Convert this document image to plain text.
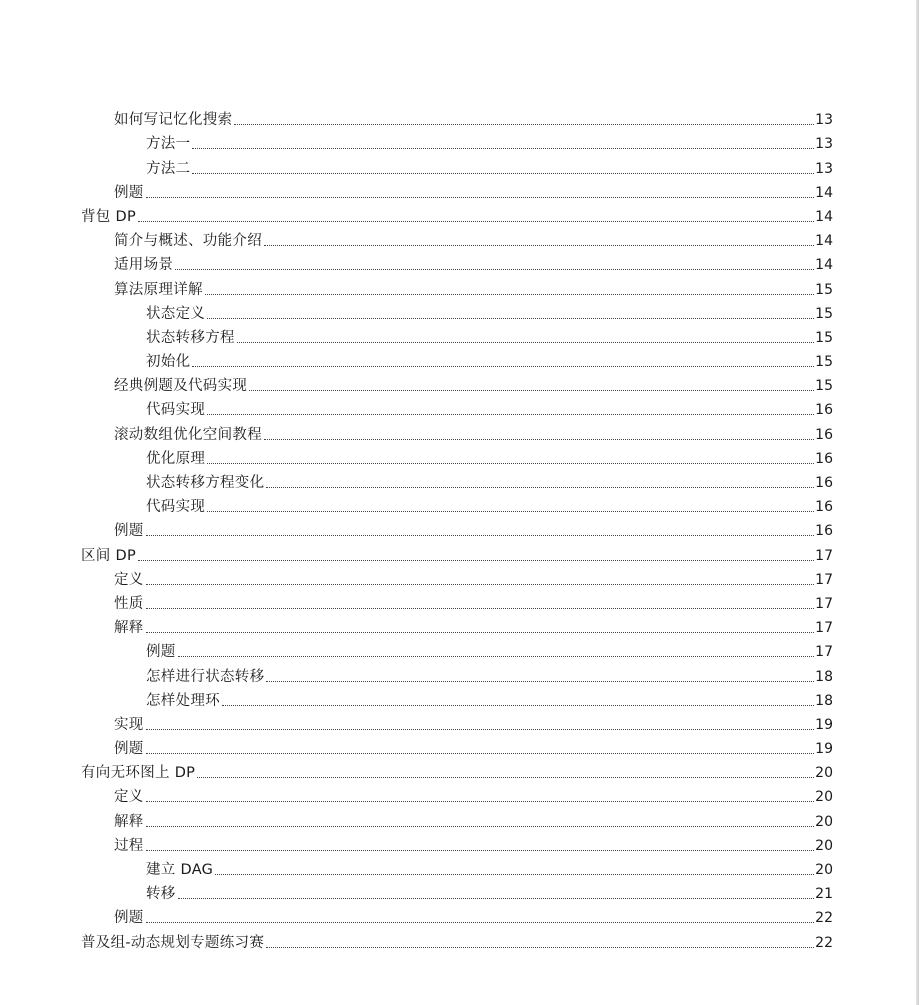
如何写记忆化搜索	13
方法一	13
方法二	13
例题	14
背包 DP	14
简介与概述、功能介绍	14
适用场景	14
算法原理详解	15
状态定义	15
状态转移方程	15
初始化	15
经典例题及代码实现	15
代码实现	16
滚动数组优化空间教程	16
优化原理	16
状态转移方程变化	16
代码实现	16
例题	16
区间 DP	17
定义	17
性质	17
解释	17
例题	17
怎样进行状态转移	18
怎样处理环	18
实现	19
例题	19
有向无环图上 DP	20
定义	20
解释	20
过程	20
建立 DAG	20
转移	21
例题	22
普及组-动态规划专题练习赛	22
